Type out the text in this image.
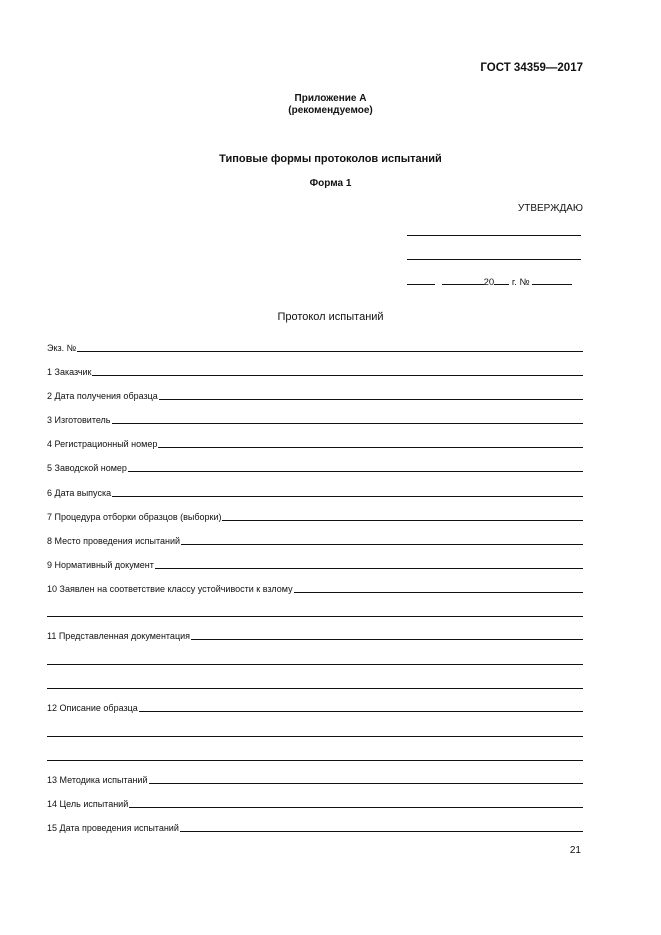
ГОСТ 34359—2017
Приложение А
(рекомендуемое)
Типовые формы протоколов испытаний
Форма 1
УТВЕРЖДАЮ
20 г. №
Протокол испытаний
Экз. №
1 Заказчик
2 Дата получения образца
3 Изготовитель
4 Регистрационный номер
5 Заводской номер
6 Дата выпуска
7 Процедура отборки образцов (выборки)
8 Место проведения испытаний
9 Нормативный документ
10 Заявлен на соответствие классу устойчивости к взлому
11 Представленная документация
12 Описание образца
13 Методика испытаний
14 Цель испытаний
15 Дата проведения испытаний
21
